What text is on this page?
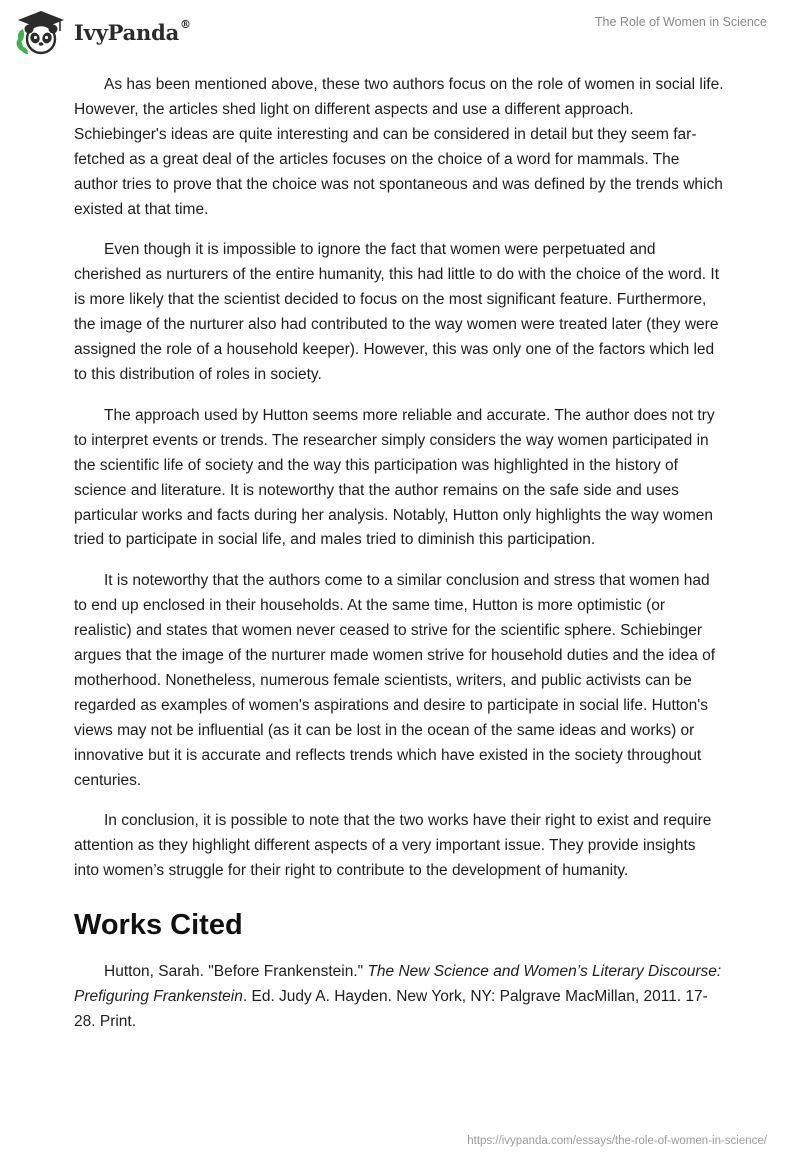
IvyPanda®	The Role of Women in Science

As has been mentioned above, these two authors focus on the role of women in social life. However, the articles shed light on different aspects and use a different approach. Schiebinger's ideas are quite interesting and can be considered in detail but they seem far-fetched as a great deal of the articles focuses on the choice of a word for mammals. The author tries to prove that the choice was not spontaneous and was defined by the trends which existed at that time.

Even though it is impossible to ignore the fact that women were perpetuated and cherished as nurturers of the entire humanity, this had little to do with the choice of the word. It is more likely that the scientist decided to focus on the most significant feature. Furthermore, the image of the nurturer also had contributed to the way women were treated later (they were assigned the role of a household keeper). However, this was only one of the factors which led to this distribution of roles in society.

The approach used by Hutton seems more reliable and accurate. The author does not try to interpret events or trends. The researcher simply considers the way women participated in the scientific life of society and the way this participation was highlighted in the history of science and literature. It is noteworthy that the author remains on the safe side and uses particular works and facts during her analysis. Notably, Hutton only highlights the way women tried to participate in social life, and males tried to diminish this participation.

It is noteworthy that the authors come to a similar conclusion and stress that women had to end up enclosed in their households. At the same time, Hutton is more optimistic (or realistic) and states that women never ceased to strive for the scientific sphere. Schiebinger argues that the image of the nurturer made women strive for household duties and the idea of motherhood. Nonetheless, numerous female scientists, writers, and public activists can be regarded as examples of women's aspirations and desire to participate in social life. Hutton's views may not be influential (as it can be lost in the ocean of the same ideas and works) or innovative but it is accurate and reflects trends which have existed in the society throughout centuries.

In conclusion, it is possible to note that the two works have their right to exist and require attention as they highlight different aspects of a very important issue. They provide insights into women’s struggle for their right to contribute to the development of humanity.

Works Cited

Hutton, Sarah. "Before Frankenstein." The New Science and Women’s Literary Discourse: Prefiguring Frankenstein. Ed. Judy A. Hayden. New York, NY: Palgrave MacMillan, 2011. 17-28. Print.

https://ivypanda.com/essays/the-role-of-women-in-science/
